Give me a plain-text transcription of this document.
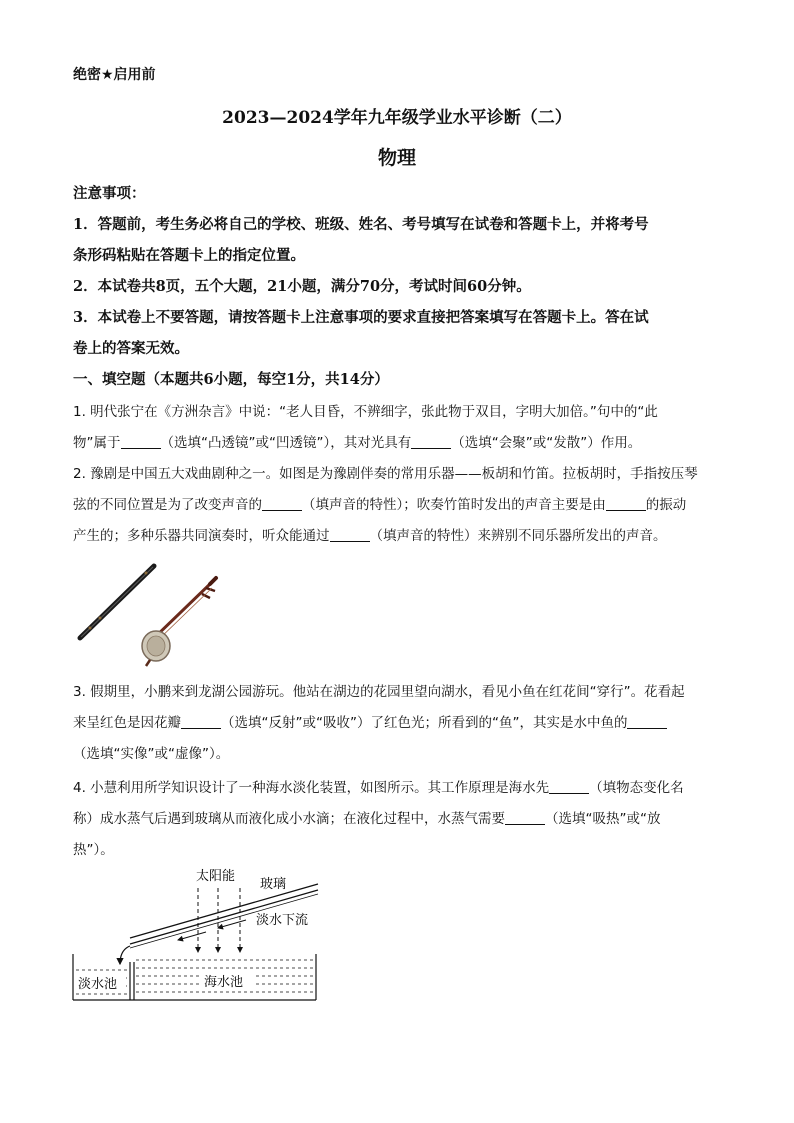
绝密★启用前
2023—2024学年九年级学业水平诊断（二）
物理
注意事项：
1．答题前，考生务必将自己的学校、班级、姓名、考号填写在试卷和答题卡上，并将考号
条形码粘贴在答题卡上的指定位置。
2．本试卷共8页，五个大题，21小题，满分70分，考试时间60分钟。
3．本试卷上不要答题，请按答题卡上注意事项的要求直接把答案填写在答题卡上。答在试
卷上的答案无效。
一、填空题（本题共6小题，每空1分，共14分）
1. 明代张宁在《方洲杂言》中说：“老人目昏，不辨细字，张此物于双目，字明大加倍。”句中的“此
物”属于	（选填“凸透镜”或“凹透镜”），其对光具有	（选填“会聚”或“发散”）作用。
2. 豫剧是中国五大戏曲剧种之一。如图是为豫剧伴奏的常用乐器——板胡和竹笛。拉板胡时，手指按压琴
弦的不同位置是为了改变声音的	（填声音的特性）；吹奏竹笛时发出的声音主要是由	的振动
产生的；多种乐器共同演奏时，听众能通过	（填声音的特性）来辨别不同乐器所发出的声音。
3. 假期里，小鹏来到龙湖公园游玩。他站在湖边的花园里望向湖水，看见小鱼在红花间“穿行”。花看起
来呈红色是因花瓣	（选填“反射”或“吸收”）了红色光；所看到的“鱼”，其实是水中鱼的
（选填“实像”或“虚像”）。
4. 小慧利用所学知识设计了一种海水淡化装置，如图所示。其工作原理是海水先	（填物态变化名
称）成水蒸气后遇到玻璃从而液化成小水滴；在液化过程中，水蒸气需要	（选填“吸热”或“放
热”）。
太阳能
玻璃
淡水下流
淡水池	海水池
